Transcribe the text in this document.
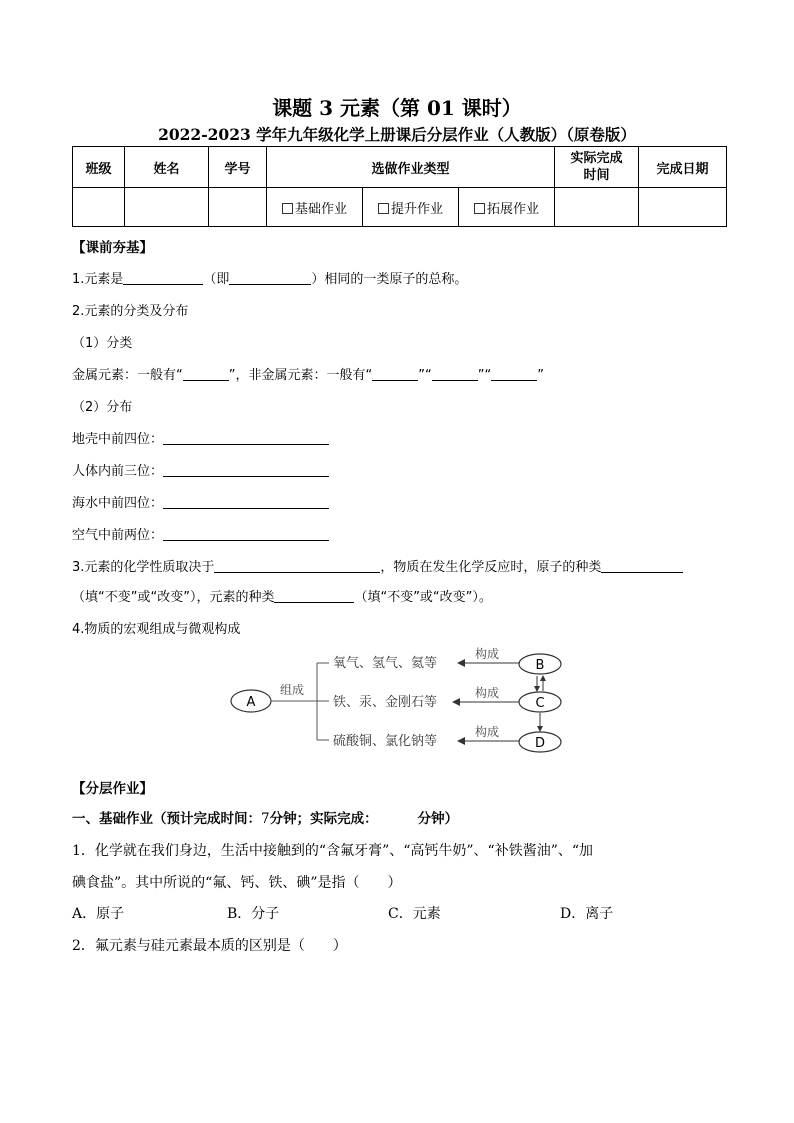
课题 3 元素（第 01 课时）
2022-2023 学年九年级化学上册课后分层作业（人教版）（原卷版）
班级	姓名	学号	选做作业类型			实际完成
时间	完成日期
			基础作业	提升作业	拓展作业		
【课前夯基】
1.元素是	（即	）相同的一类原子的总称。
2.元素的分类及分布
（1）分类
金属元素：一般有“	”，非金属元素：一般有“	”“	”“	”
（2）分布
地壳中前四位：
人体内前三位：
海水中前四位：
空气中前两位：
3.元素的化学性质取决于	，物质在发生化学反应时，原子的种类
（填“不变”或“改变”），元素的种类	（填“不变”或“改变”）。
4.物质的宏观组成与微观构成
A
组成
氧气、氢气、氦等
铁、汞、金刚石等
硫酸铜、氯化钠等
构成
构成
构成
B
C
D
【分层作业】
一、基础作业（预计完成时间：7分钟；实际完成：	分钟）
1．化学就在我们身边，生活中接触到的“含氟牙膏”、“高钙牛奶”、“补铁酱油”、“加
碘食盐”。其中所说的“氟、钙、铁、碘”是指（　　）
A．原子	B．分子	C．元素	D．离子
2．氟元素与硅元素最本质的区别是（　　）
